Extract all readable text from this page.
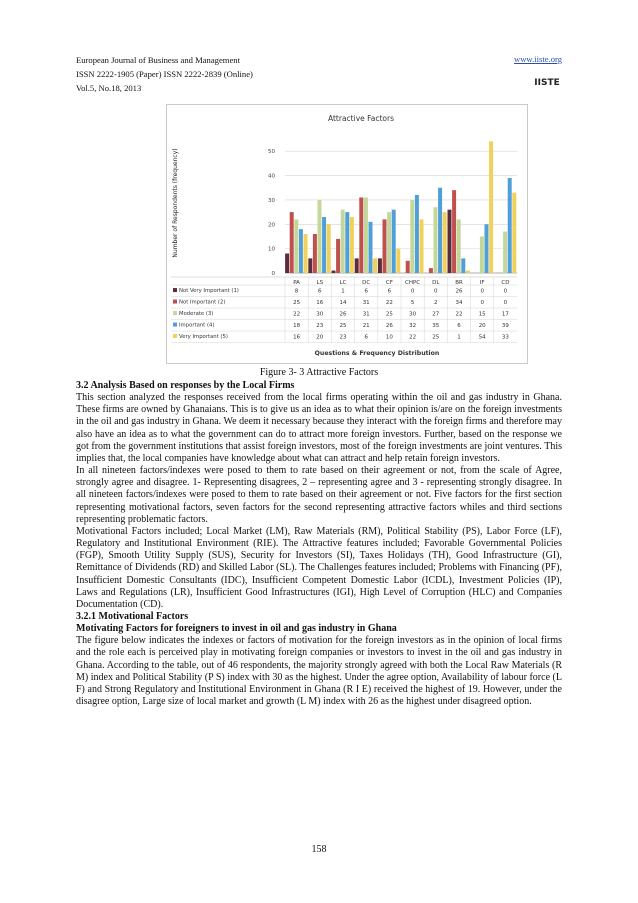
European Journal of Business and Management
ISSN 2222-1905 (Paper) ISSN 2222-2839 (Online)
Vol.5, No.18, 2013
www.iiste.org
IISTE
Attractive Factors
Number of Respondents (frequency)
Questions & Frequency Distribution
0
10
20
30
40
50
PA	LS	LC	DC	CF CHPC DL	BR	IF	CD
Not Very Important (1)	8	6	1	6	6	0	0	26	0	0
Not Important (2)	25	16	14	31	22	5	2	34	0	0
Moderate (3)	22	30	26	31	25	30	27	22	15	17
Important (4)	18	23	25	21	26	32	35	6	20	39
Very Important (5)	16	20	23	6	10	22	25	1	54	33
Figure 3- 3 Attractive Factors

3.2 Analysis Based on responses by the Local Firms

This section analyzed the responses received from the local firms operating within the oil and gas industry in Ghana. These firms are owned by Ghanaians. This is to give us an idea as to what their opinion is/are on the foreign investments in the oil and gas industry in Ghana. We deem it necessary because they interact with the foreign firms and therefore may also have an idea as to what the government can do to attract more foreign investors. Further, based on the response we got from the government institutions that assist foreign investors, most of the foreign investments are joint ventures. This implies that, the local companies have knowledge about what can attract and help retain foreign investors.

In all nineteen factors/indexes were posed to them to rate based on their agreement or not, from the scale of Agree, strongly agree and disagree. 1- Representing disagrees, 2 – representing agree and 3 - representing strongly disagree. In all nineteen factors/indexes were posed to them to rate based on their agreement or not. Five factors for the first section representing motivational factors, seven factors for the second representing attractive factors whiles and third sections representing problematic factors.

Motivational Factors included; Local Market (LM), Raw Materials (RM), Political Stability (PS), Labor Force (LF), Regulatory and Institutional Environment (RIE). The Attractive features included; Favorable Governmental Policies (FGP), Smooth Utility Supply (SUS), Security for Investors (SI), Taxes Holidays (TH), Good Infrastructure (GI), Remittance of Dividends (RD) and Skilled Labor (SL). The Challenges features included; Problems with Financing (PF), Insufficient Domestic Consultants (IDC), Insufficient Competent Domestic Labor (ICDL), Investment Policies (IP), Laws and Regulations (LR), Insufficient Good Infrastructures (IGI), High Level of Corruption (HLC) and Companies Documentation (CD).

3.2.1 Motivational Factors

Motivating Factors for foreigners to invest in oil and gas industry in Ghana

The figure below indicates the indexes or factors of motivation for the foreign investors as in the opinion of local firms and the role each is perceived play in motivating foreign companies or investors to invest in the oil and gas industry in Ghana. According to the table, out of 46 respondents, the majority strongly agreed with both the Local Raw Materials (R M) index and Political Stability (P S) index with 30 as the highest. Under the agree option, Availability of labour force (L F) and Strong Regulatory and Institutional Environment in Ghana (R I E) received the highest of 19. However, under the disagree option, Large size of local market and growth (L M) index with 26 as the highest under disagreed option.

158
